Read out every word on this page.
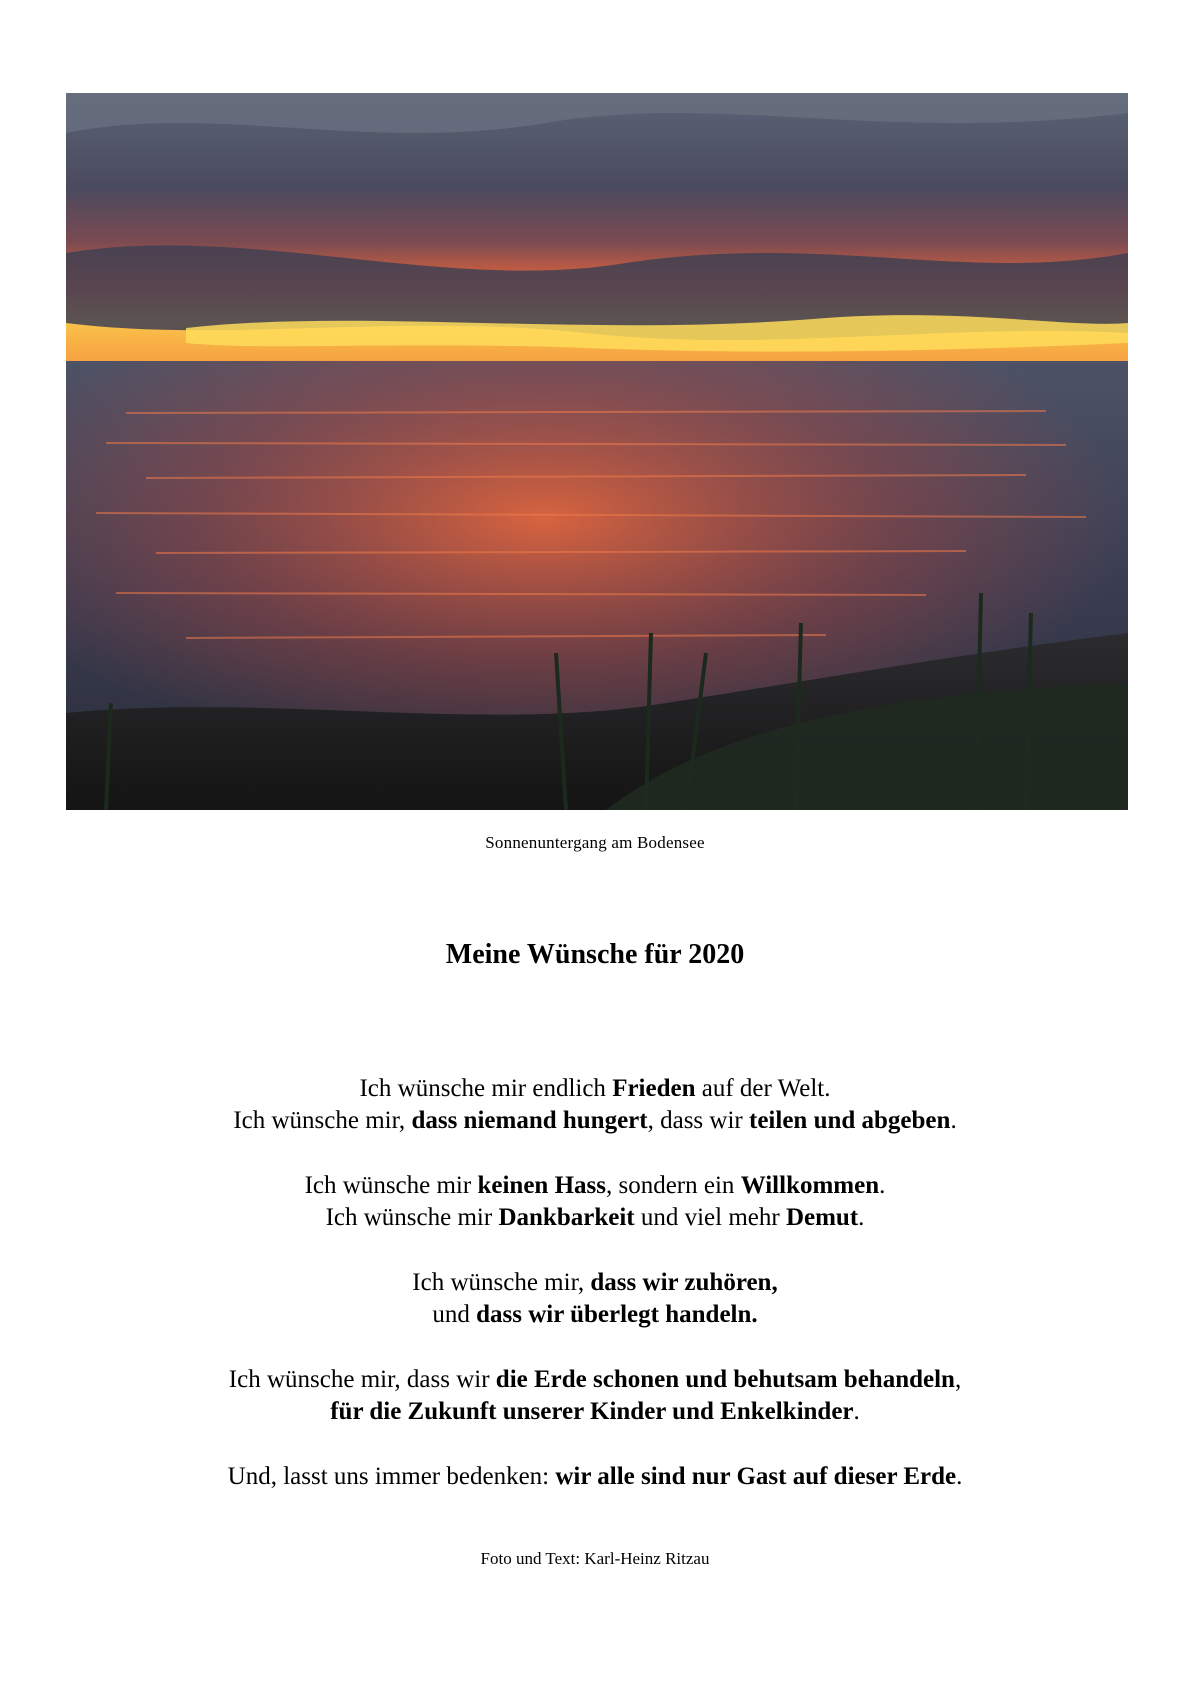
Sonnenuntergang am Bodensee
Meine Wünsche für 2020
Ich wünsche mir endlich Frieden auf der Welt.
Ich wünsche mir, dass niemand hungert, dass wir teilen und abgeben.
Ich wünsche mir keinen Hass, sondern ein Willkommen.
Ich wünsche mir Dankbarkeit und viel mehr Demut.
Ich wünsche mir, dass wir zuhören,
und dass wir überlegt handeln.
Ich wünsche mir, dass wir die Erde schonen und behutsam behandeln,
für die Zukunft unserer Kinder und Enkelkinder.
Und, lasst uns immer bedenken: wir alle sind nur Gast auf dieser Erde.
Foto und Text: Karl-Heinz Ritzau
